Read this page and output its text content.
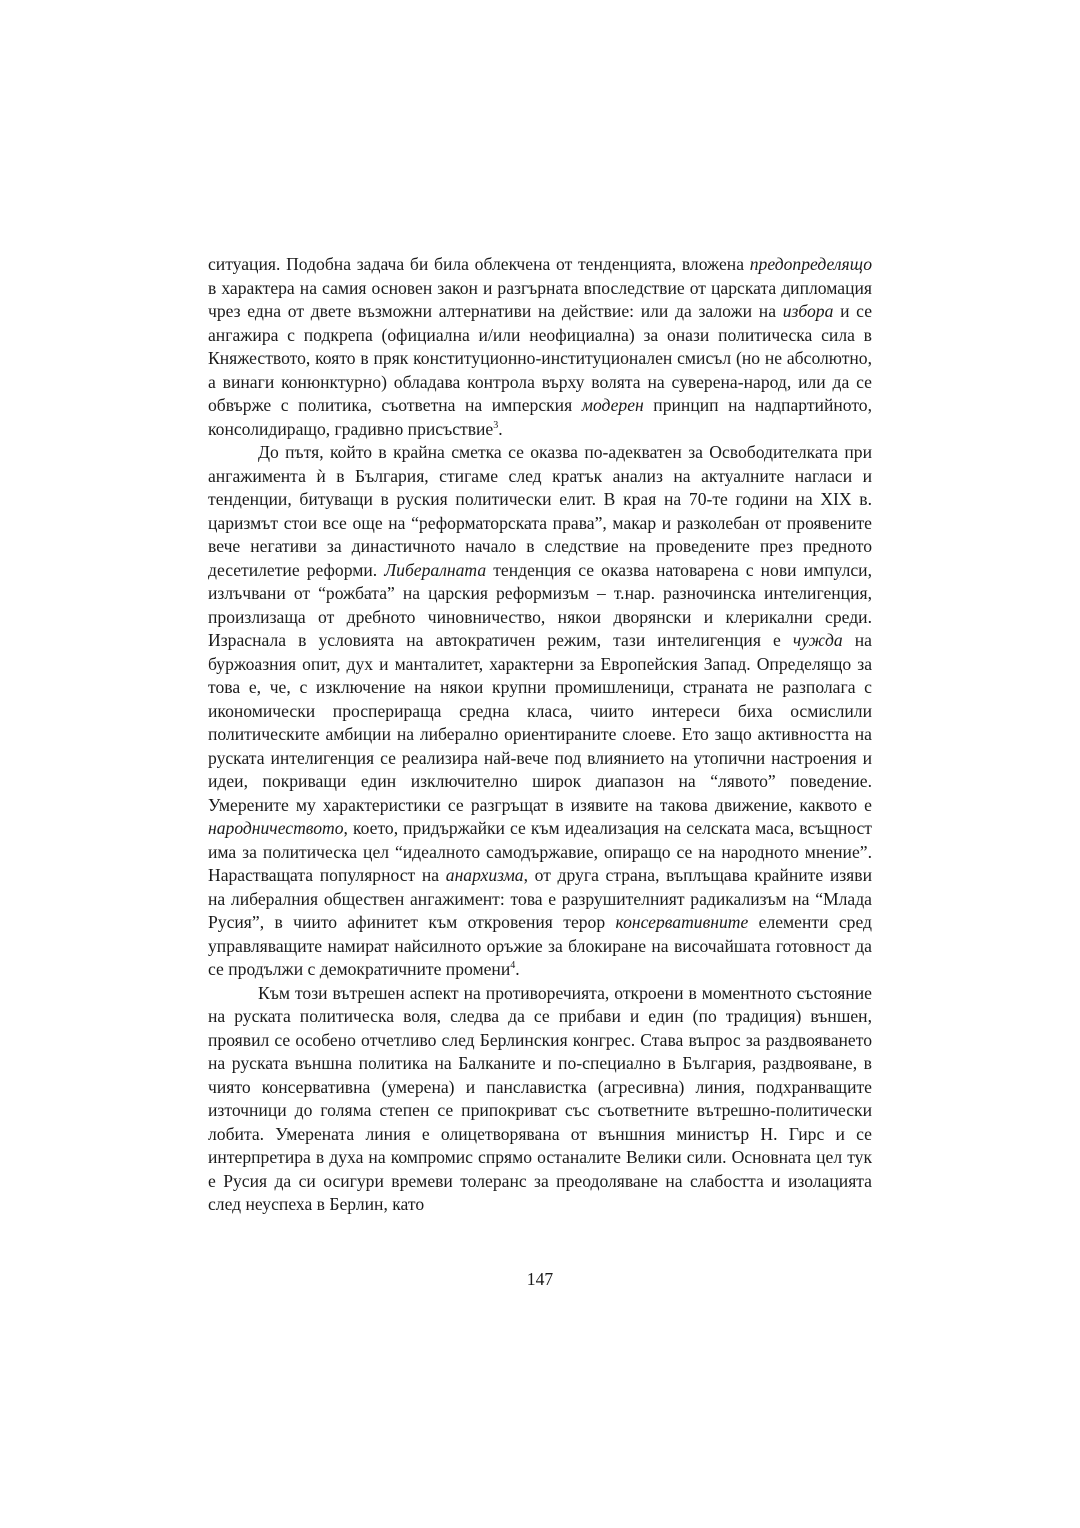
ситуация. Подобна задача би била облекчена от тенденцията, вложена предопределящо в характера на самия основен закон и разгърната впоследствие от царската дипломация чрез една от двете възможни алтернативи на действие: или да заложи на избора и се ангажира с подкрепа (официална и/или неофициална) за онази политическа сила в Княжеството, която в пряк конституционно-институционален смисъл (но не абсолютно, а винаги конюнктурно) обладава контрола върху волята на суверена-народ, или да се обвърже с политика, съответна на имперския модерен принцип на надпартийното, консолидиращо, градивно присъствие$^3$.

До пътя, който в крайна сметка се оказва по-адекватен за Освободителката при ангажимента ѝ в България, стигаме след кратък анализ на актуалните нагласи и тенденции, битуващи в руския политически елит. В края на 70-те години на XIX в. царизмът стои все още на “реформаторската права”, макар и разколебан от проявените вече негативи за династичното начало в следствие на проведените през предното десетилетие реформи. Либералната тенденция се оказва натоварена с нови импулси, излъчвани от “рожбата” на царския реформизъм – т.нар. разночинска интелигенция, произлизаща от дребното чиновничество, някои дворянски и клерикални среди. Израснала в условията на автократичен режим, тази интелигенция е чужда на буржоазния опит, дух и манталитет, характерни за Европейския Запад. Определящо за това е, че, с изключение на някои крупни промишленици, страната не разполага с икономически просперираща средна класа, чиито интереси биха осмислили политическите амбиции на либерално ориентираните слоеве. Ето защо активността на руската интелигенция се реализира най-вече под влиянието на утопични настроения и идеи, покриващи един изключително широк диапазон на “лявото” поведение. Умерените му характеристики се разгръщат в изявите на такова движение, каквото е народничеството, което, придържайки се към идеализация на селската маса, всъщност има за политическа цел “идеалното самодържавие, опиращо се на народното мнение”. Нарастващата популярност на анархизма, от друга страна, въплъщава крайните изяви на либералния обществен ангажимент: това е разрушителният радикализъм на “Млада Русия”, в чиито афинитет към откровения терор консервативните елементи сред управляващите намират найсилното оръжие за блокиране на височайшата готовност да се продължи с демократичните промени$^4$.

Към този вътрешен аспект на противоречията, откроени в моментното състояние на руската политическа воля, следва да се прибави и един (по традиция) външен, проявил се особено отчетливо след Берлинския конгрес. Става въпрос за раздвояването на руската външна политика на Балканите и по-специално в България, раздвояване, в чиято консервативна (умерена) и панславистка (агресивна) линия, подхранващите източници до голяма степен се припокриват със съответните вътрешно-политически лобита. Умерената линия е олицетворявана от външния министър Н. Гирс и се интерпретира в духа на компромис спрямо останалите Велики сили. Основната цел тук е Русия да си осигури времеви толеранс за преодоляване на слабостта и изолацията след неуспеха в Берлин, като

147
